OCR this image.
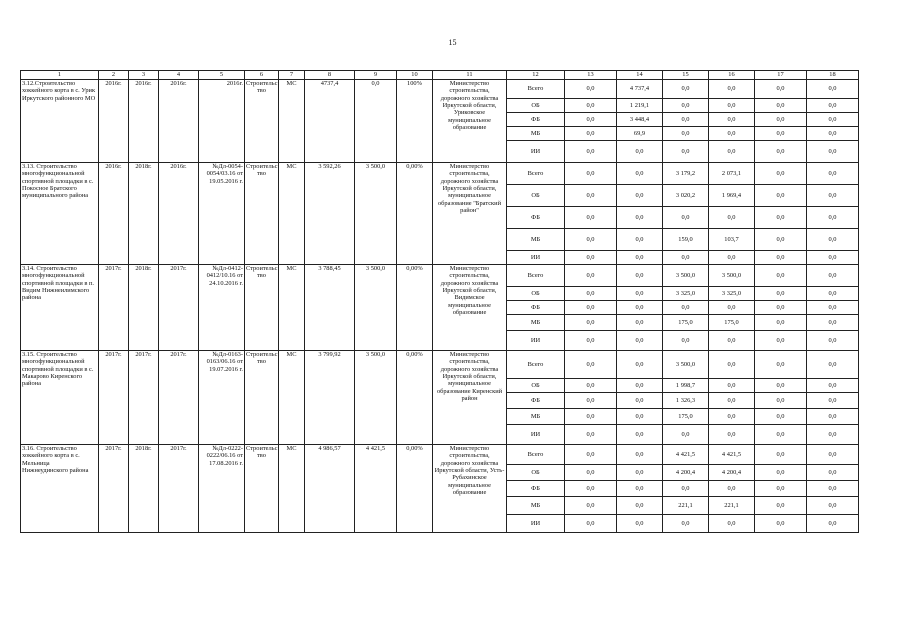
15
1	2	3	4	5	6	7	8	9	10	11	12	13	14	15	16	17	18
3.12.Строительство хоккейного корта в с. Урик Иркутского районного МО	2016г.	2016г.	2016г.	2016г.	Строительс тво	МС	4737,4	0,0	100%	Министерство строительства, дорожного хозяйства Иркутской области, Уриковское муниципальное образование	Всего	0,0	4 737,4	0,0	0,0	0,0	0,0
											ОБ	0,0	1 219,1	0,0	0,0	0,0	0,0
											ФБ	0,0	3 448,4	0,0	0,0	0,0	0,0
											МБ	0,0	69,9	0,0	0,0	0,0	0,0
											ИИ	0,0	0,0	0,0	0,0	0,0	0,0
3.13. Строительство многофункциональной спортивной площадки в с. Покосное Братского муниципального района	2016г.	2018г.	2016г.	№Дл-0054-0054/03.16 от 19.05.2016 г.	Строительс тво	МС	3 592,26	3 500,0	0,00%	Министерство строительства, дорожного хозяйства Иркутской области, муниципальное образование "Братский район"	Всего	0,0	0,0	3 179,2	2 073,1	0,0	0,0
											ОБ	0,0	0,0	3 020,2	1 969,4	0,0	0,0
											ФБ	0,0	0,0	0,0	0,0	0,0	0,0
											МБ	0,0	0,0	159,0	103,7	0,0	0,0
											ИИ	0,0	0,0	0,0	0,0	0,0	0,0
3.14. Строительство многофункциональной спортивной площадки в п. Видим Нижнеилимского района	2017г.	2018г.	2017г.	№Дл-0412-0412/10.16 от 24.10.2016 г.	Строительс тво	МС	3 788,45	3 500,0	0,00%	Министерство строительства, дорожного хозяйства Иркутской области, Видимское муниципальное образование	Всего	0,0	0,0	3 500,0	3 500,0	0,0	0,0
											ОБ	0,0	0,0	3 325,0	3 325,0	0,0	0,0
											ФБ	0,0	0,0	0,0	0,0	0,0	0,0
											МБ	0,0	0,0	175,0	175,0	0,0	0,0
											ИИ	0,0	0,0	0,0	0,0	0,0	0,0
3.15. Строительство многофункциональной спортивной площадки в с. Макарово Киренского района	2017г.	2017г.	2017г.	№Дл-0163-0163/06.16 от 19.07.2016 г.	Строительс тво	МС	3 799,92	3 500,0	0,00%	Министерство строительства, дорожного хозяйства Иркутской области, муниципальное образование Киренский район	Всего	0,0	0,0	3 500,0	0,0	0,0	0,0
											ОБ	0,0	0,0	1 998,7	0,0	0,0	0,0
											ФБ	0,0	0,0	1 326,3	0,0	0,0	0,0
											МБ	0,0	0,0	175,0	0,0	0,0	0,0
											ИИ	0,0	0,0	0,0	0,0	0,0	0,0
3.16. Строительство хоккейного корта в с. Мельница Нижнеудинского района	2017г.	2018г.	2017г.	№Дл-0222-0222/06.16 от 17.08.2016 г.	Строительс тво	МС	4 986,57	4 421,5	0,00%	Министерство строительства, дорожного хозяйства Иркутской области, Усть-Рубахинское муниципальное образование	Всего	0,0	0,0	4 421,5	4 421,5	0,0	0,0
											ОБ	0,0	0,0	4 200,4	4 200,4	0,0	0,0
											ФБ	0,0	0,0	0,0	0,0	0,0	0,0
											МБ	0,0	0,0	221,1	221,1	0,0	0,0
											ИИ	0,0	0,0	0,0	0,0	0,0	0,0
